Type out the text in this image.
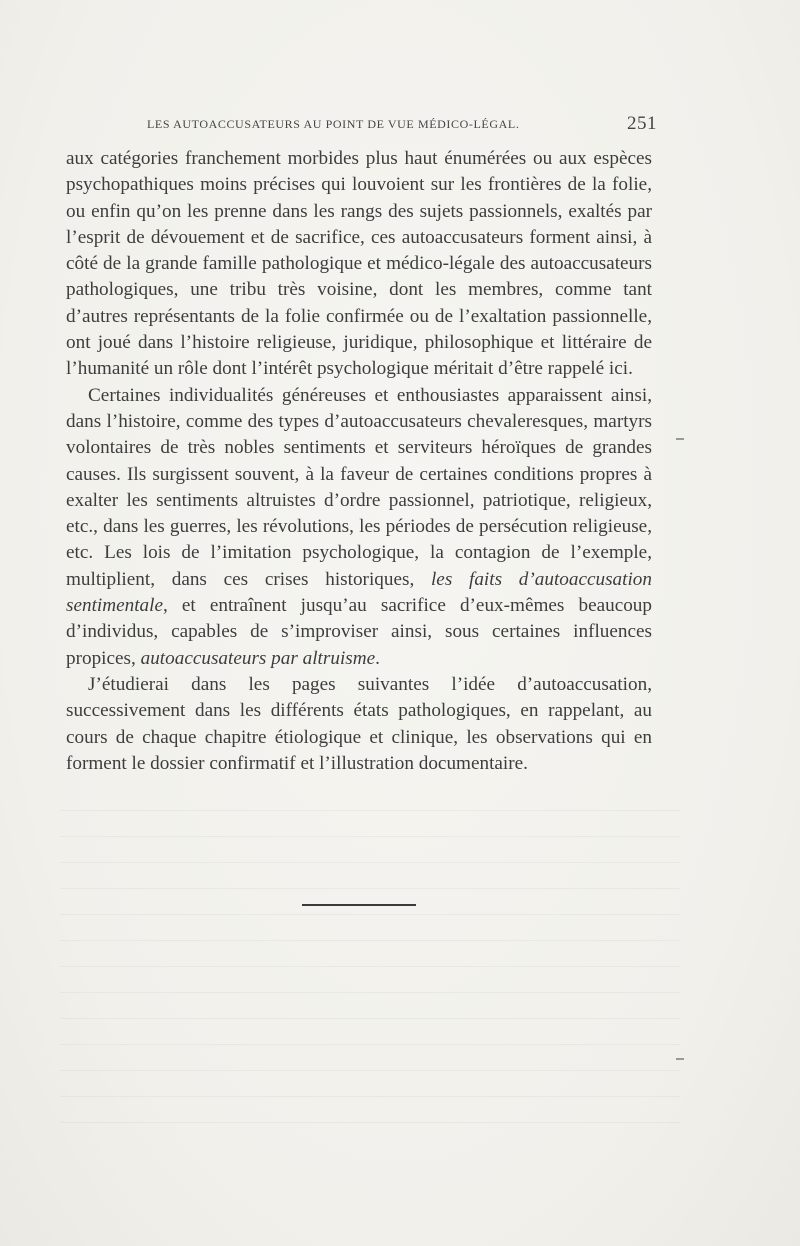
LES AUTOACCUSATEURS AU POINT DE VUE MÉDICO-LÉGAL.	251

aux catégories franchement morbides plus haut énumérées ou aux espèces psychopathiques moins précises qui louvoient sur les frontières de la folie, ou enfin qu’on les prenne dans les rangs des sujets passionnels, exaltés par l’esprit de dévouement et de sacrifice, ces autoaccusateurs forment ainsi, à côté de la grande famille pathologique et médico-légale des autoaccusateurs pathologiques, une tribu très voisine, dont les membres, comme tant d’autres représentants de la folie confirmée ou de l’exaltation passionnelle, ont joué dans l’histoire religieuse, juridique, philosophique et littéraire de l’humanité un rôle dont l’intérêt psychologique méritait d’être rappelé ici.

Certaines individualités généreuses et enthousiastes apparaissent ainsi, dans l’histoire, comme des types d’autoaccusateurs chevaleresques, martyrs volontaires de très nobles sentiments et serviteurs héroïques de grandes causes. Ils surgissent souvent, à la faveur de certaines conditions propres à exalter les sentiments altruistes d’ordre passionnel, patriotique, religieux, etc., dans les guerres, les révolutions, les périodes de persécution religieuse, etc. Les lois de l’imitation psychologique, la contagion de l’exemple, multiplient, dans ces crises historiques, les faits d’autoaccusation sentimentale, et entraînent jusqu’au sacrifice d’eux-mêmes beaucoup d’individus, capables de s’improviser ainsi, sous certaines influences propices, autoaccusateurs par altruisme.

J’étudierai dans les pages suivantes l’idée d’autoaccusation, successivement dans les différents états pathologiques, en rappelant, au cours de chaque chapitre étiologique et clinique, les observations qui en forment le dossier confirmatif et l’illustration documentaire.
